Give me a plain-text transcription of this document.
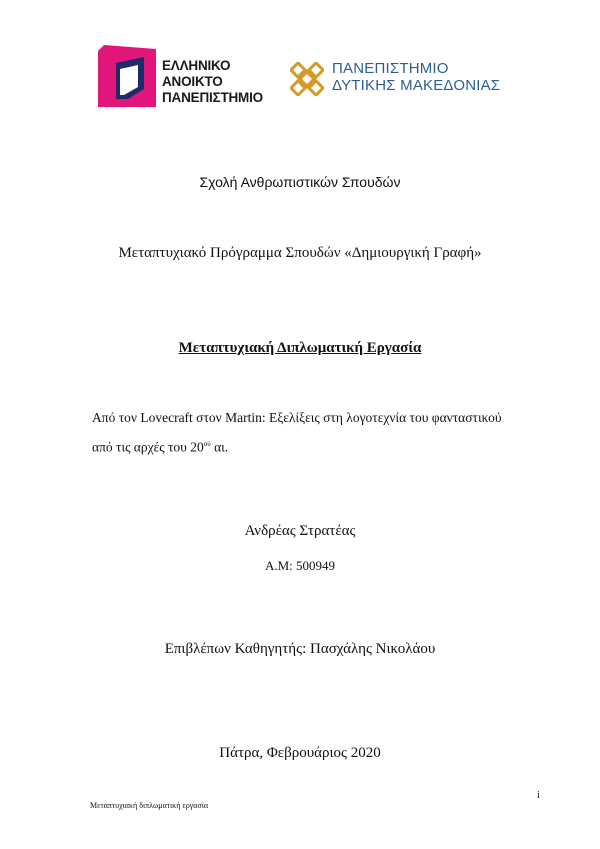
ΕΛΛΗΝΙΚΟ
ΑΝΟΙΚΤΟ
ΠΑΝΕΠΙΣΤΗΜΙΟ
ΠΑΝΕΠΙΣΤΗΜΙΟ
ΔΥΤΙΚΗΣ ΜΑΚΕΔΟΝΙΑΣ
Σχολή Ανθρωπιστικών Σπουδών
Μεταπτυχιακό Πρόγραμμα Σπουδών «Δημιουργική Γραφή»
Μεταπτυχιακή Διπλωματική Εργασία
Από τον Lovecraft στον Martin: Εξελίξεις στη λογοτεχνία του φανταστικού
από τις αρχές του $20^{oύ}$ αι.
Ανδρέας Στρατέας
Α.Μ: 500949
Επιβλέπων Καθηγητής: Πασχάλης Νικολάου
Πάτρα, Φεβρουάριος 2020
i
Μεταπτυχιακή διπλωματική εργασία
